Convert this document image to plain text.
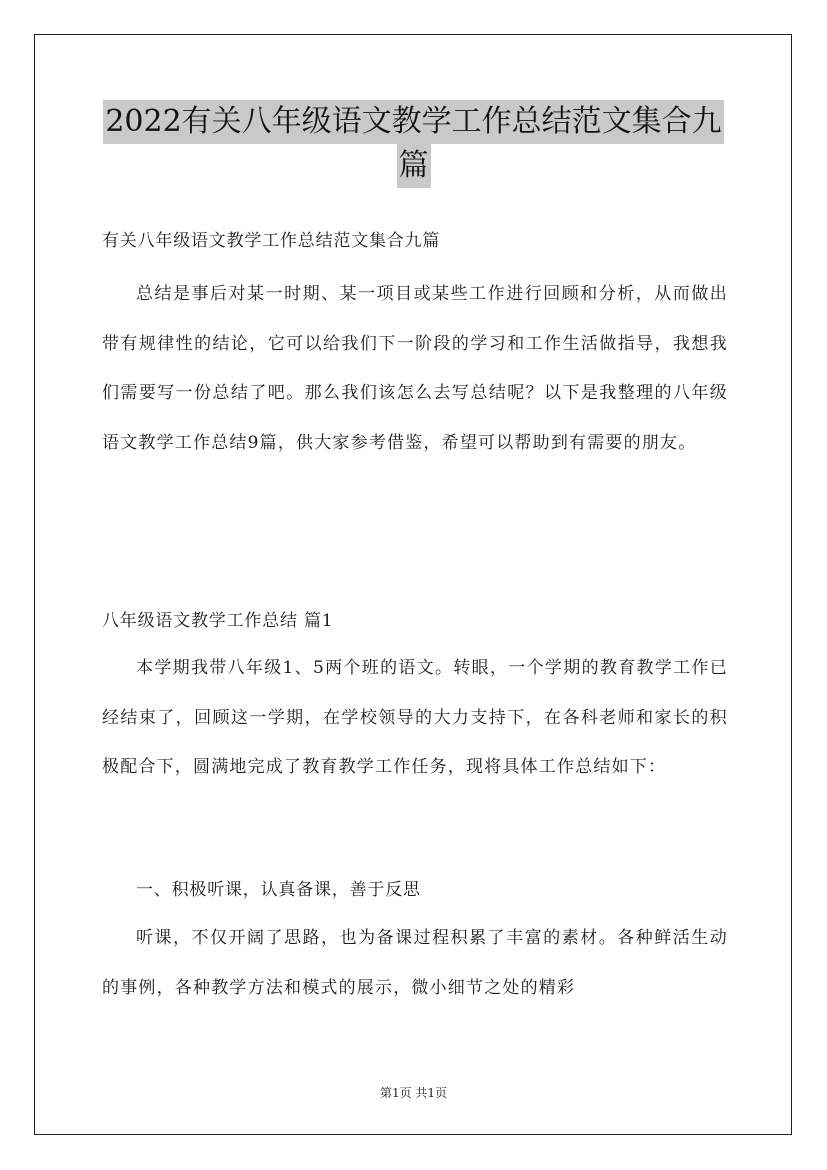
2022有关八年级语文教学工作总结范文集合九
篇
有关八年级语文教学工作总结范文集合九篇

总结是事后对某一时期、某一项目或某些工作进行回顾和分析，从而做出带有规律性的结论，它可以给我们下一阶段的学习和工作生活做指导，我想我们需要写一份总结了吧。那么我们该怎么去写总结呢？以下是我整理的八年级语文教学工作总结9篇，供大家参考借鉴，希望可以帮助到有需要的朋友。

八年级语文教学工作总结 篇1

本学期我带八年级1、5两个班的语文。转眼，一个学期的教育教学工作已经结束了，回顾这一学期，在学校领导的大力支持下，在各科老师和家长的积极配合下，圆满地完成了教育教学工作任务，现将具体工作总结如下：

一、积极听课，认真备课，善于反思

听课，不仅开阔了思路，也为备课过程积累了丰富的素材。各种鲜活生动的事例，各种教学方法和模式的展示，微小细节之处的精彩

第1页 共1页
